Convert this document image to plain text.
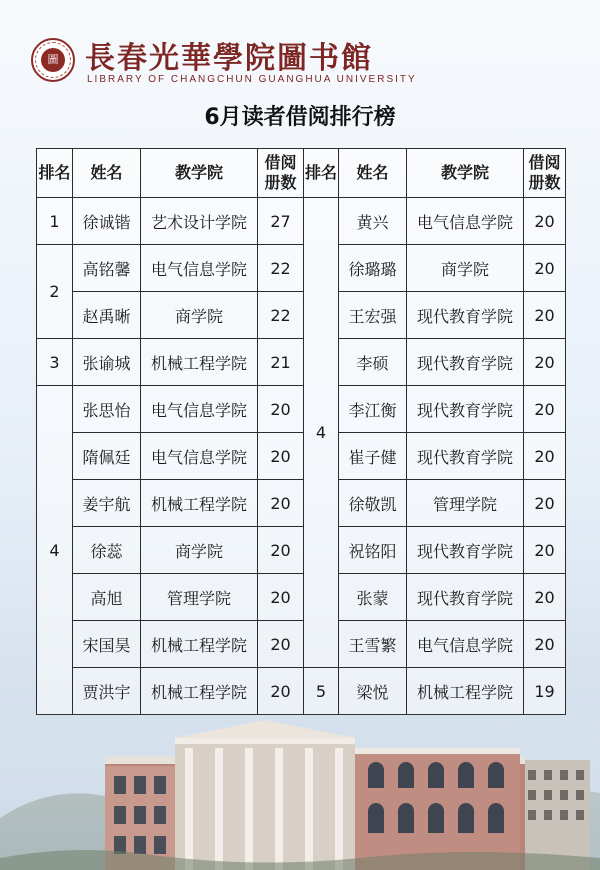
圖 長春光華學院圖书館
LIBRARY OF CHANGCHUN GUANGHUA UNIVERSITY
6月读者借阅排行榜
排名	姓名	教学院	借阅册数	排名	姓名	教学院	借阅册数
1	徐诚锴	艺术设计学院	27	4	黄兴	电气信息学院	20
2	高铭馨	电气信息学院	22		徐璐璐	商学院	20
	赵禹晰	商学院	22		王宏强	现代教育学院	20
3	张谕城	机械工程学院	21		李硕	现代教育学院	20
4	张思怡	电气信息学院	20		李江衡	现代教育学院	20
	隋佩廷	电气信息学院	20		崔子健	现代教育学院	20
	姜宇航	机械工程学院	20		徐敬凯	管理学院	20
	徐蕊	商学院	20		祝铭阳	现代教育学院	20
	高旭	管理学院	20		张蒙	现代教育学院	20
	宋国昊	机械工程学院	20		王雪繁	电气信息学院	20
	贾洪宇	机械工程学院	20	5	梁悦	机械工程学院	19
